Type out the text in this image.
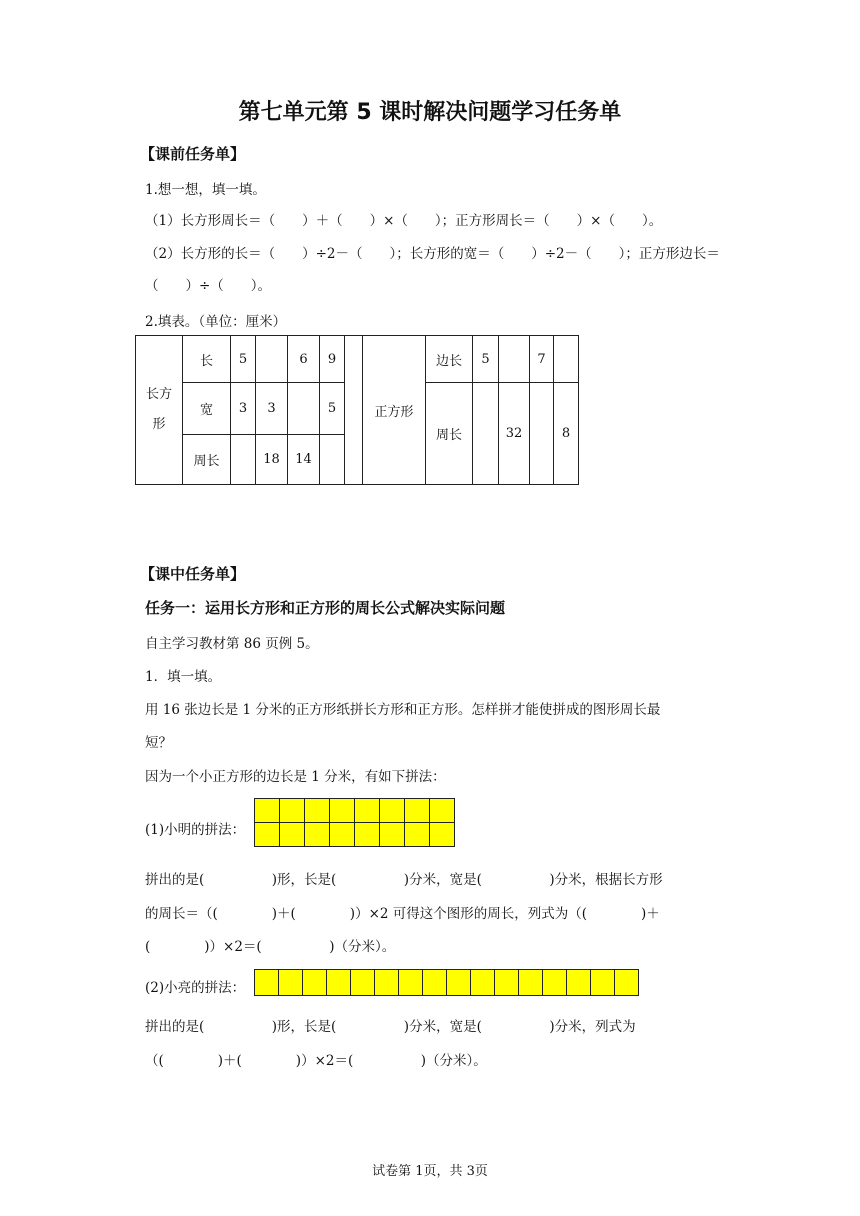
第七单元第 5 课时解决问题学习任务单
【课前任务单】
1.想一想，填一填。
（1）长方形周长＝（　　）＋（　　）×（　　）；正方形周长＝（　　）×（　　）。
（2）长方形的长＝（　　）÷2－（　　）；长方形的宽＝（　　）÷2－（　　）；正方形边长＝
（　　）÷（　　）。
2.填表。（单位：厘米）
长方形	长	5		6	9		正方形	边长	5		7	
	宽	3	3		5			周长		32		8
	周长		18	14								
【课中任务单】
任务一：运用长方形和正方形的周长公式解决实际问题
自主学习教材第 86 页例 5。
1．填一填。
用 16 张边长是 1 分米的正方形纸拼长方形和正方形。怎样拼才能使拼成的图形周长最
短？
因为一个小正方形的边长是 1 分米，有如下拼法：
(1)小明的拼法：

拼出的是(　　　　　)形，长是(　　　　　)分米，宽是(　　　　　)分米，根据长方形
的周长＝（(　　　　)＋(　　　　)）×2 可得这个图形的周长，列式为（(　　　　)＋
(　　　　)）×2＝(　　　　　)（分米）。
(2)小亮的拼法：

拼出的是(　　　　　)形，长是(　　　　　)分米，宽是(　　　　　)分米，列式为
（(　　　　)＋(　　　　)）×2＝(　　　　　)（分米）。
试卷第 1页，共 3页
